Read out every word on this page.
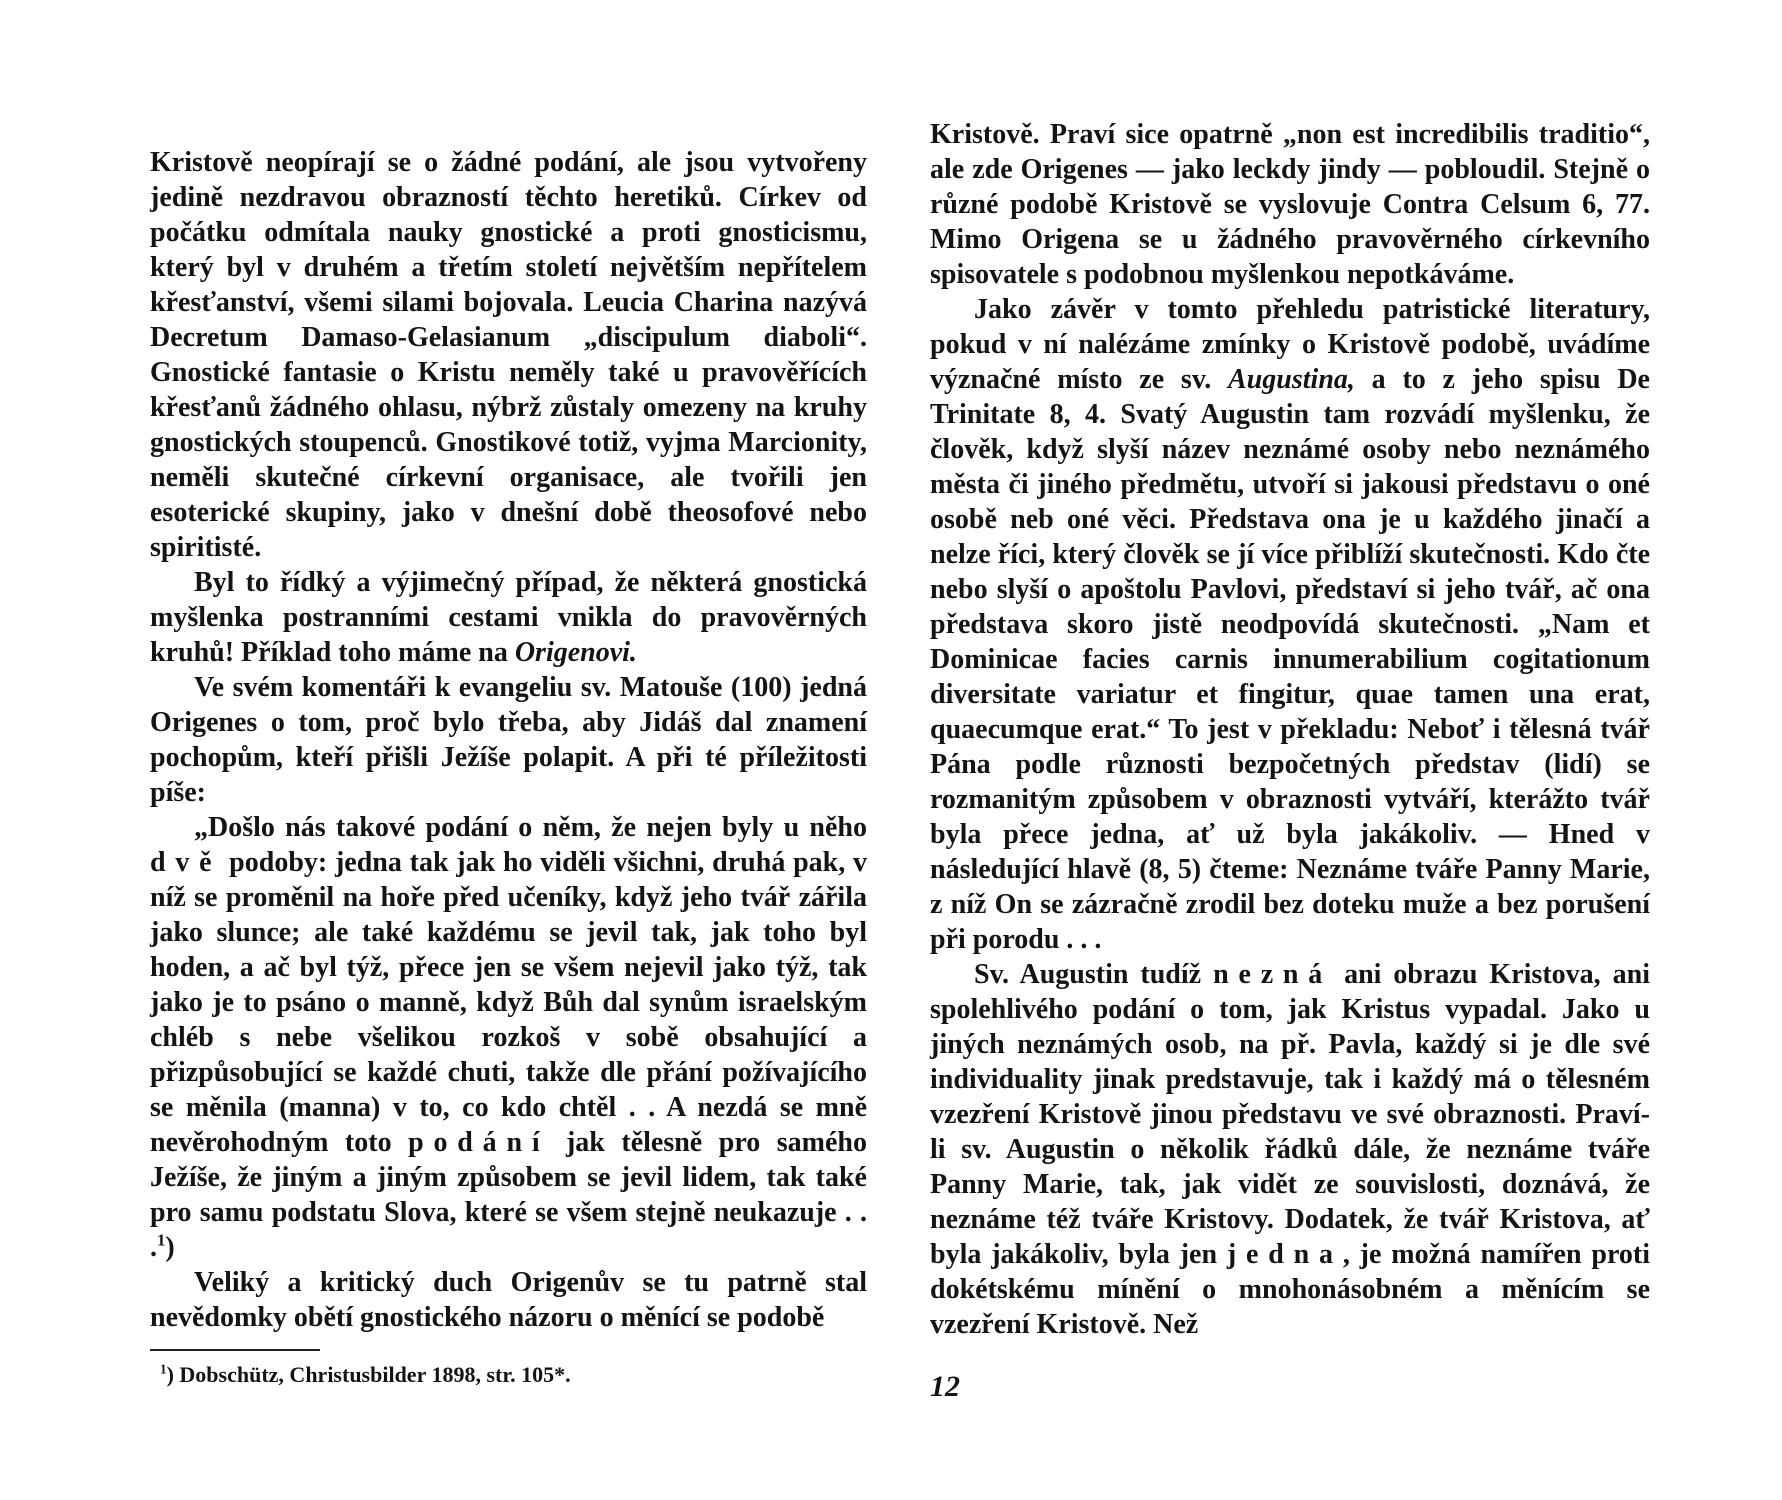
Kristově neopírají se o žádné podání, ale jsou vytvořeny jedině nezdravou obrazností těchto heretiků. Církev od počátku odmítala nauky gnostické a proti gnosticismu, který byl v druhém a třetím století největším nepřítelem křesťanství, všemi silami bojovala. Leucia Charina nazývá Decretum Damaso-Gelasianum „discipulum diaboli“. Gnostické fantasie o Kristu neměly také u pravověřících křesťanů žádného ohlasu, nýbrž zůstaly omezeny na kruhy gnostických stoupenců. Gnostikové totiž, vyjma Marcionity, neměli skutečné církevní organisace, ale tvořili jen esoterické skupiny, jako v dnešní době theosofové nebo spiritisté.

Byl to řídký a výjimečný případ, že některá gnostická myšlenka postranními cestami vnikla do pravověrných kruhů! Příklad toho máme na Origenovi.

Ve svém komentáři k evangeliu sv. Matouše (100) jedná Origenes o tom, proč bylo třeba, aby Jidáš dal znamení pochopům, kteří přišli Ježíše polapit. A při té příležitosti píše:

„Došlo nás takové podání o něm, že nejen byly u něho dvě podoby: jedna tak jak ho viděli všichni, druhá pak, v níž se proměnil na hoře před učeníky, když jeho tvář zářila jako slunce; ale také každému se jevil tak, jak toho byl hoden, a ač byl týž, přece jen se všem nejevil jako týž, tak jako je to psáno o manně, když Bůh dal synům israelským chléb s nebe všelikou rozkoš v sobě obsahující a přizpůsobující se každé chuti, takže dle přání požívajícího se měnila (manna) v to, co kdo chtěl . . A nezdá se mně nevěrohodným toto podání jak tělesně pro samého Ježíše, že jiným a jiným způsobem se jevil lidem, tak také pro samu podstatu Slova, které se všem stejně neukazuje . . .$^1$)

Veliký a kritický duch Origenův se tu patrně stal nevědomky obětí gnostického názoru o měnící se podobě

$^1$) Dobschütz, Christusbilder 1898, str. 105*.

Kristově. Praví sice opatrně „non est incredibilis traditio“, ale zde Origenes — jako leckdy jindy — pobloudil. Stejně o různé podobě Kristově se vyslovuje Contra Celsum 6, 77. Mimo Origena se u žádného pravověrného církevního spisovatele s podobnou myšlenkou nepotkáváme.

Jako závěr v tomto přehledu patristické literatury, pokud v ní nalézáme zmínky o Kristově podobě, uvádíme význačné místo ze sv. Augustina, a to z jeho spisu De Trinitate 8, 4. Svatý Augustin tam rozvádí myšlenku, že člověk, když slyší název neznámé osoby nebo neznámého města či jiného předmětu, utvoří si jakousi představu o oné osobě neb oné věci. Představa ona je u každého jinačí a nelze říci, který člověk se jí více přiblíží skutečnosti. Kdo čte nebo slyší o apoštolu Pavlovi, představí si jeho tvář, ač ona představa skoro jistě neodpovídá skutečnosti. „Nam et Dominicae facies carnis innumerabilium cogitationum diversitate variatur et fingitur, quae tamen una erat, quaecumque erat.“ To jest v překladu: Neboť i tělesná tvář Pána podle různosti bezpočetných představ (lidí) se rozmanitým způsobem v obraznosti vytváří, kterážto tvář byla přece jedna, ať už byla jakákoliv. — Hned v následující hlavě (8, 5) čteme: Neznáme tváře Panny Marie, z níž On se zázračně zrodil bez doteku muže a bez porušení při porodu . . .

Sv. Augustin tudíž nezná ani obrazu Kristova, ani spolehlivého podání o tom, jak Kristus vypadal. Jako u jiných neznámých osob, na př. Pavla, každý si je dle své individuality jinak predstavuje, tak i každý má o tělesném vzezření Kristově jinou představu ve své obraznosti. Praví-li sv. Augustin o několik řádků dále, že neznáme tváře Panny Marie, tak, jak vidět ze souvislosti, doznává, že neznáme též tváře Kristovy. Dodatek, že tvář Kristova, ať byla jakákoliv, byla jen jedna, je možná namířen proti dokétskému mínění o mnohonásobném a měnícím se vzezření Kristově. Než

12
